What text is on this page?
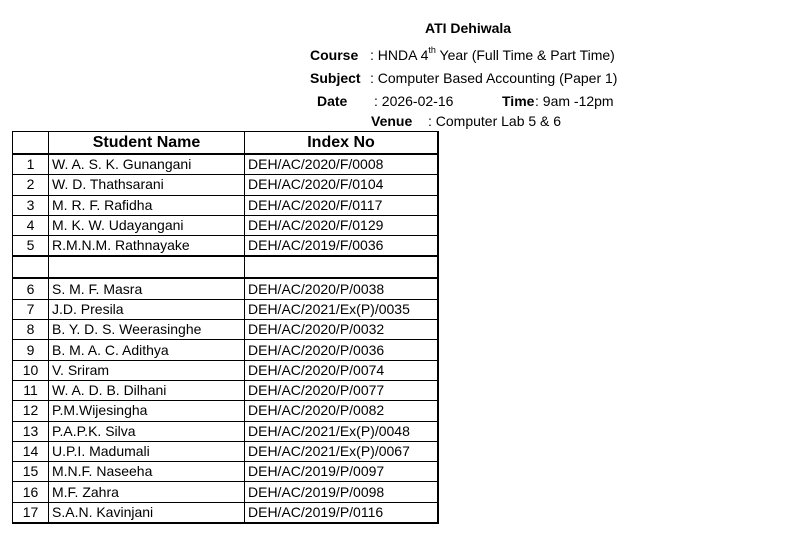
ATI Dehiwala
Course : HNDA 4th Year (Full Time & Part Time)
Subject : Computer Based Accounting (Paper 1)
Date : 2026-02-16	Time : 9am -12pm
Venue : Computer Lab 5 & 6
	Student Name	Index No
1	W. A. S. K. Gunangani	DEH/AC/2020/F/0008
2	W. D. Thathsarani	DEH/AC/2020/F/0104
3	M. R. F. Rafidha	DEH/AC/2020/F/0117
4	M. K. W. Udayangani	DEH/AC/2020/F/0129
5	R.M.N.M. Rathnayake	DEH/AC/2019/F/0036

6	S. M. F. Masra	DEH/AC/2020/P/0038
7	J.D. Presila	DEH/AC/2021/Ex(P)/0035
8	B. Y. D. S. Weerasinghe	DEH/AC/2020/P/0032
9	B. M. A. C. Adithya	DEH/AC/2020/P/0036
10	V. Sriram	DEH/AC/2020/P/0074
11	W. A. D. B. Dilhani	DEH/AC/2020/P/0077
12	P.M.Wijesingha	DEH/AC/2020/P/0082
13	P.A.P.K. Silva	DEH/AC/2021/Ex(P)/0048
14	U.P.I. Madumali	DEH/AC/2021/Ex(P)/0067
15	M.N.F. Naseeha	DEH/AC/2019/P/0097
16	M.F. Zahra	DEH/AC/2019/P/0098
17	S.A.N. Kavinjani	DEH/AC/2019/P/0116
